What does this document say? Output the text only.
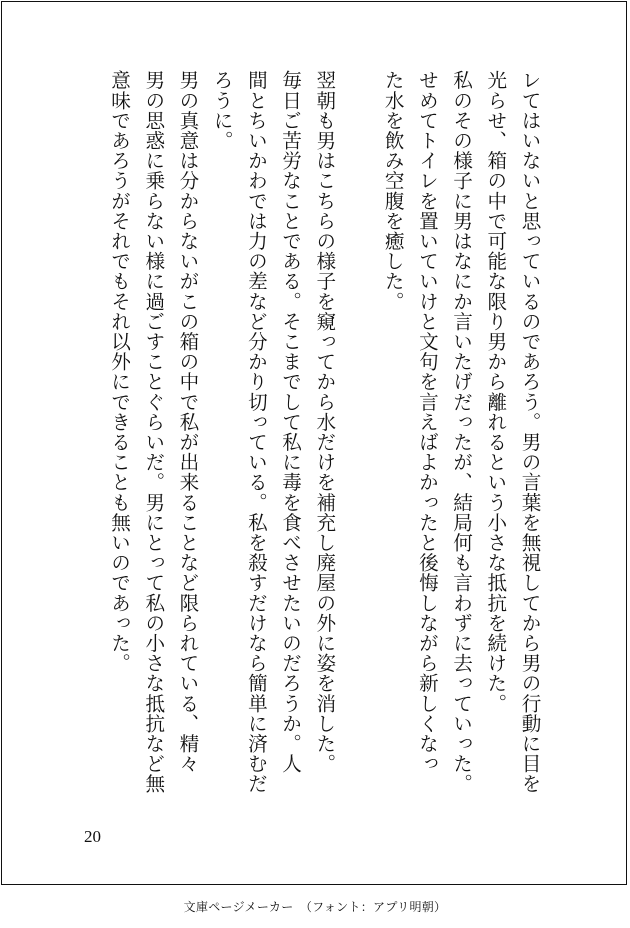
レてはいないと思っているのであろう。男の言葉を無視してから男の行動に目を
光らせ、箱の中で可能な限り男から離れるという小さな抵抗を続けた。
私のその様子に男はなにか言いたげだったが、結局何も言わずに去っていった。
せめてトイレを置いていけと文句を言えばよかったと後悔しながら新しくなっ
た水を飲み空腹を癒した。
翌朝も男はこちらの様子を窺ってから水だけを補充し廃屋の外に姿を消した。
毎日ご苦労なことである。そこまでして私に毒を食べさせたいのだろうか。人
間とちいかわでは力の差など分かり切っている。私を殺すだけなら簡単に済むだ
ろうに。
男の真意は分からないがこの箱の中で私が出来ることなど限られている、精々
男の思惑に乗らない様に過ごすことぐらいだ。男にとって私の小さな抵抗など無
意味であろうがそれでもそれ以外にできることも無いのであった。
20
文庫ページメーカー　（フォント：アプリ明朝）
